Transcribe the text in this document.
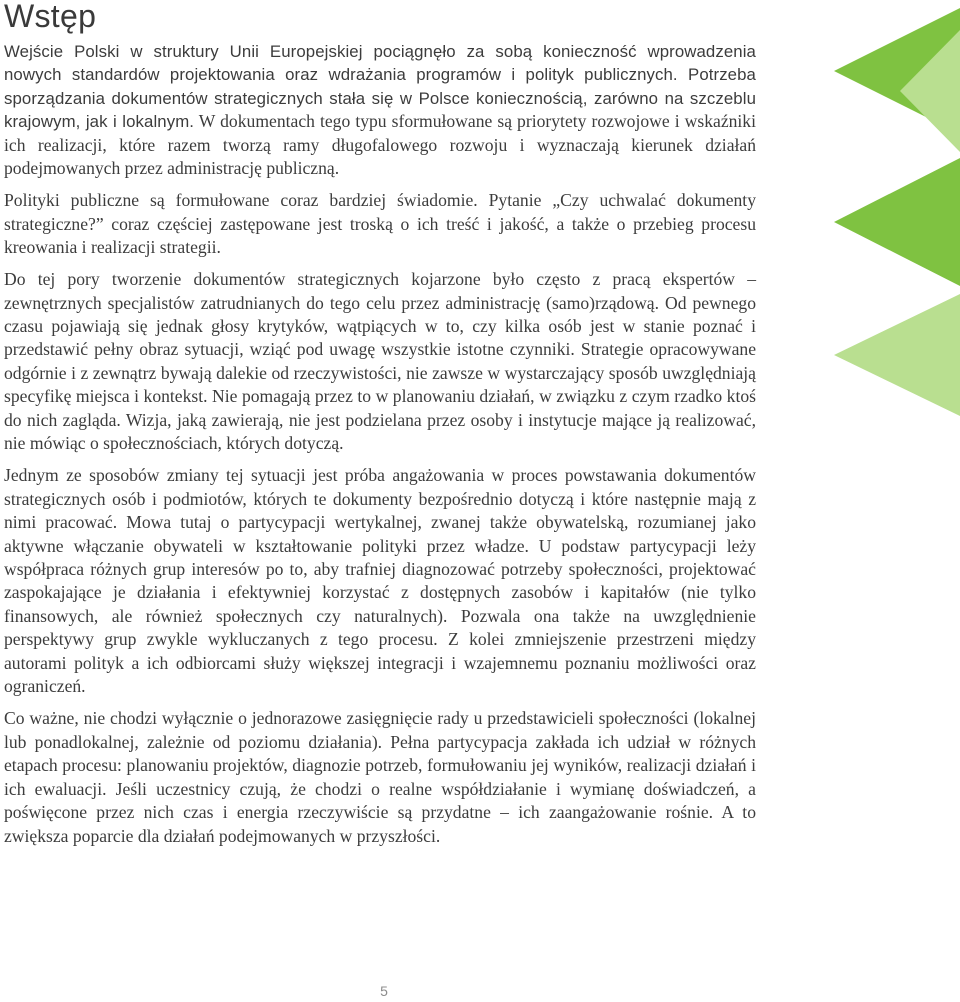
Wstęp

Wejście Polski w struktury Unii Europejskiej pociągnęło za sobą konieczność wprowadzenia nowych standardów projektowania oraz wdrażania programów i polityk publicznych. Potrzeba sporządzania dokumentów strategicznych stała się w Polsce koniecznością, zarówno na szczeblu krajowym, jak i lokalnym. W dokumentach tego typu sformułowane są priorytety rozwojowe i wskaźniki ich realizacji, które razem tworzą ramy długofalowego rozwoju i wyznaczają kierunek działań podejmowanych przez administrację publiczną.

Polityki publiczne są formułowane coraz bardziej świadomie. Pytanie „Czy uchwalać dokumenty strategiczne?” coraz częściej zastępowane jest troską o ich treść i jakość, a także o przebieg procesu kreowania i realizacji strategii.

Do tej pory tworzenie dokumentów strategicznych kojarzone było często z pracą ekspertów – zewnętrznych specjalistów zatrudnianych do tego celu przez administrację (samo)rządową. Od pewnego czasu pojawiają się jednak głosy krytyków, wątpiących w to, czy kilka osób jest w stanie poznać i przedstawić pełny obraz sytuacji, wziąć pod uwagę wszystkie istotne czynniki. Strategie opracowywane odgórnie i z zewnątrz bywają dalekie od rzeczywistości, nie zawsze w wystarczający sposób uwzględniają specyfikę miejsca i kontekst. Nie pomagają przez to w planowaniu działań, w związku z czym rzadko ktoś do nich zagląda. Wizja, jaką zawierają, nie jest podzielana przez osoby i instytucje mające ją realizować, nie mówiąc o społecznościach, których dotyczą.

Jednym ze sposobów zmiany tej sytuacji jest próba angażowania w proces powstawania dokumentów strategicznych osób i podmiotów, których te dokumenty bezpośrednio dotyczą i które następnie mają z nimi pracować. Mowa tutaj o partycypacji wertykalnej, zwanej także obywatelską, rozumianej jako aktywne włączanie obywateli w kształtowanie polityki przez władze. U podstaw partycypacji leży współpraca różnych grup interesów po to, aby trafniej diagnozować potrzeby społeczności, projektować zaspokajające je działania i efektywniej korzystać z dostępnych zasobów i kapitałów (nie tylko finansowych, ale również społecznych czy naturalnych). Pozwala ona także na uwzględnienie perspektywy grup zwykle wykluczanych z tego procesu. Z kolei zmniejszenie przestrzeni między autorami polityk a ich odbiorcami służy większej integracji i wzajemnemu poznaniu możliwości oraz ograniczeń.

Co ważne, nie chodzi wyłącznie o jednorazowe zasięgnięcie rady u przedstawicieli społeczności (lokalnej lub ponadlokalnej, zależnie od poziomu działania). Pełna partycypacja zakłada ich udział w różnych etapach procesu: planowaniu projektów, diagnozie potrzeb, formułowaniu jej wyników, realizacji działań i ich ewaluacji. Jeśli uczestnicy czują, że chodzi o realne współdziałanie i wymianę doświadczeń, a poświęcone przez nich czas i energia rzeczywiście są przydatne – ich zaangażowanie rośnie. A to zwiększa poparcie dla działań podejmowanych w przyszłości.

5
